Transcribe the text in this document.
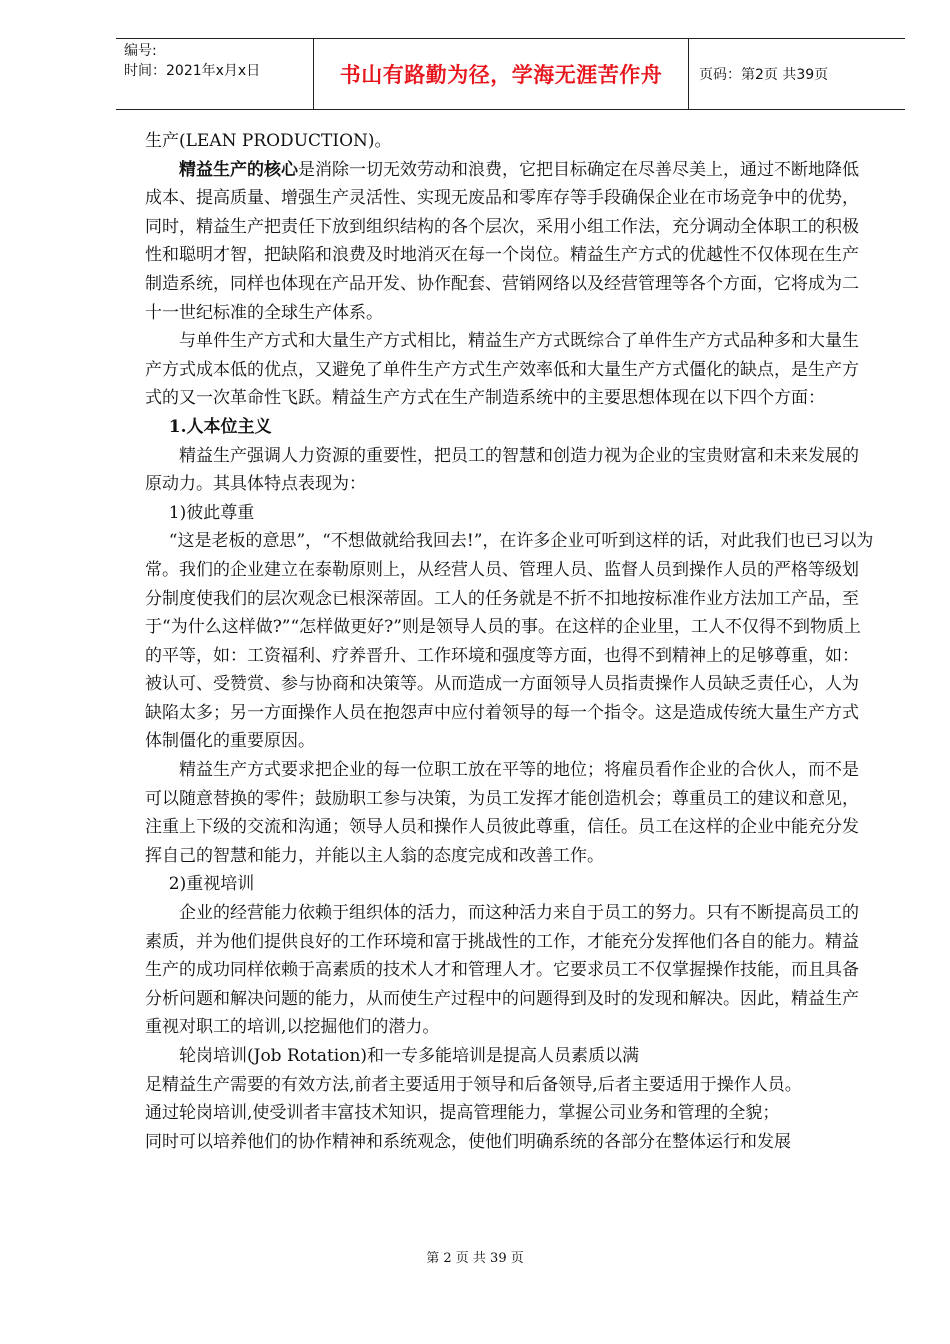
编号:
时间：2021年x月x日	书山有路勤为径，学海无涯苦作舟	页码：第2页 共39页

生产(LEAN PRODUCTION)。

精益生产的核心是消除一切无效劳动和浪费，它把目标确定在尽善尽美上，通过不断地降低成本、提高质量、增强生产灵活性、实现无废品和零库存等手段确保企业在市场竞争中的优势，同时，精益生产把责任下放到组织结构的各个层次，采用小组工作法，充分调动全体职工的积极性和聪明才智，把缺陷和浪费及时地消灭在每一个岗位。精益生产方式的优越性不仅体现在生产制造系统，同样也体现在产品开发、协作配套、营销网络以及经营管理等各个方面，它将成为二十一世纪标准的全球生产体系。

与单件生产方式和大量生产方式相比，精益生产方式既综合了单件生产方式品种多和大量生产方式成本低的优点，又避免了单件生产方式生产效率低和大量生产方式僵化的缺点，是生产方式的又一次革命性飞跃。精益生产方式在生产制造系统中的主要思想体现在以下四个方面：

1.人本位主义

精益生产强调人力资源的重要性，把员工的智慧和创造力视为企业的宝贵财富和未来发展的原动力。其具体特点表现为：

1)彼此尊重

“这是老板的意思”，“不想做就给我回去!”，在许多企业可听到这样的话，对此我们也已习以为常。我们的企业建立在泰勒原则上，从经营人员、管理人员、监督人员到操作人员的严格等级划分制度使我们的层次观念已根深蒂固。工人的任务就是不折不扣地按标准作业方法加工产品，至于“为什么这样做?”“怎样做更好?”则是领导人员的事。在这样的企业里，工人不仅得不到物质上的平等，如：工资福利、疗养晋升、工作环境和强度等方面，也得不到精神上的足够尊重，如：被认可、受赞赏、参与协商和决策等。从而造成一方面领导人员指责操作人员缺乏责任心，人为缺陷太多；另一方面操作人员在抱怨声中应付着领导的每一个指令。这是造成传统大量生产方式体制僵化的重要原因。

精益生产方式要求把企业的每一位职工放在平等的地位；将雇员看作企业的合伙人，而不是可以随意替换的零件；鼓励职工参与决策，为员工发挥才能创造机会；尊重员工的建议和意见，注重上下级的交流和沟通；领导人员和操作人员彼此尊重，信任。员工在这样的企业中能充分发挥自己的智慧和能力，并能以主人翁的态度完成和改善工作。

2)重视培训

企业的经营能力依赖于组织体的活力，而这种活力来自于员工的努力。只有不断提高员工的素质，并为他们提供良好的工作环境和富于挑战性的工作，才能充分发挥他们各自的能力。精益生产的成功同样依赖于高素质的技术人才和管理人才。它要求员工不仅掌握操作技能，而且具备分析问题和解决问题的能力，从而使生产过程中的问题得到及时的发现和解决。因此，精益生产重视对职工的培训,以挖掘他们的潜力。

轮岗培训(Job Rotation)和一专多能培训是提高人员素质以满

足精益生产需要的有效方法,前者主要适用于领导和后备领导,后者主要适用于操作人员。

通过轮岗培训,使受训者丰富技术知识，提高管理能力，掌握公司业务和管理的全貌；

同时可以培养他们的协作精神和系统观念，使他们明确系统的各部分在整体运行和发展

第 2 页 共 39 页
